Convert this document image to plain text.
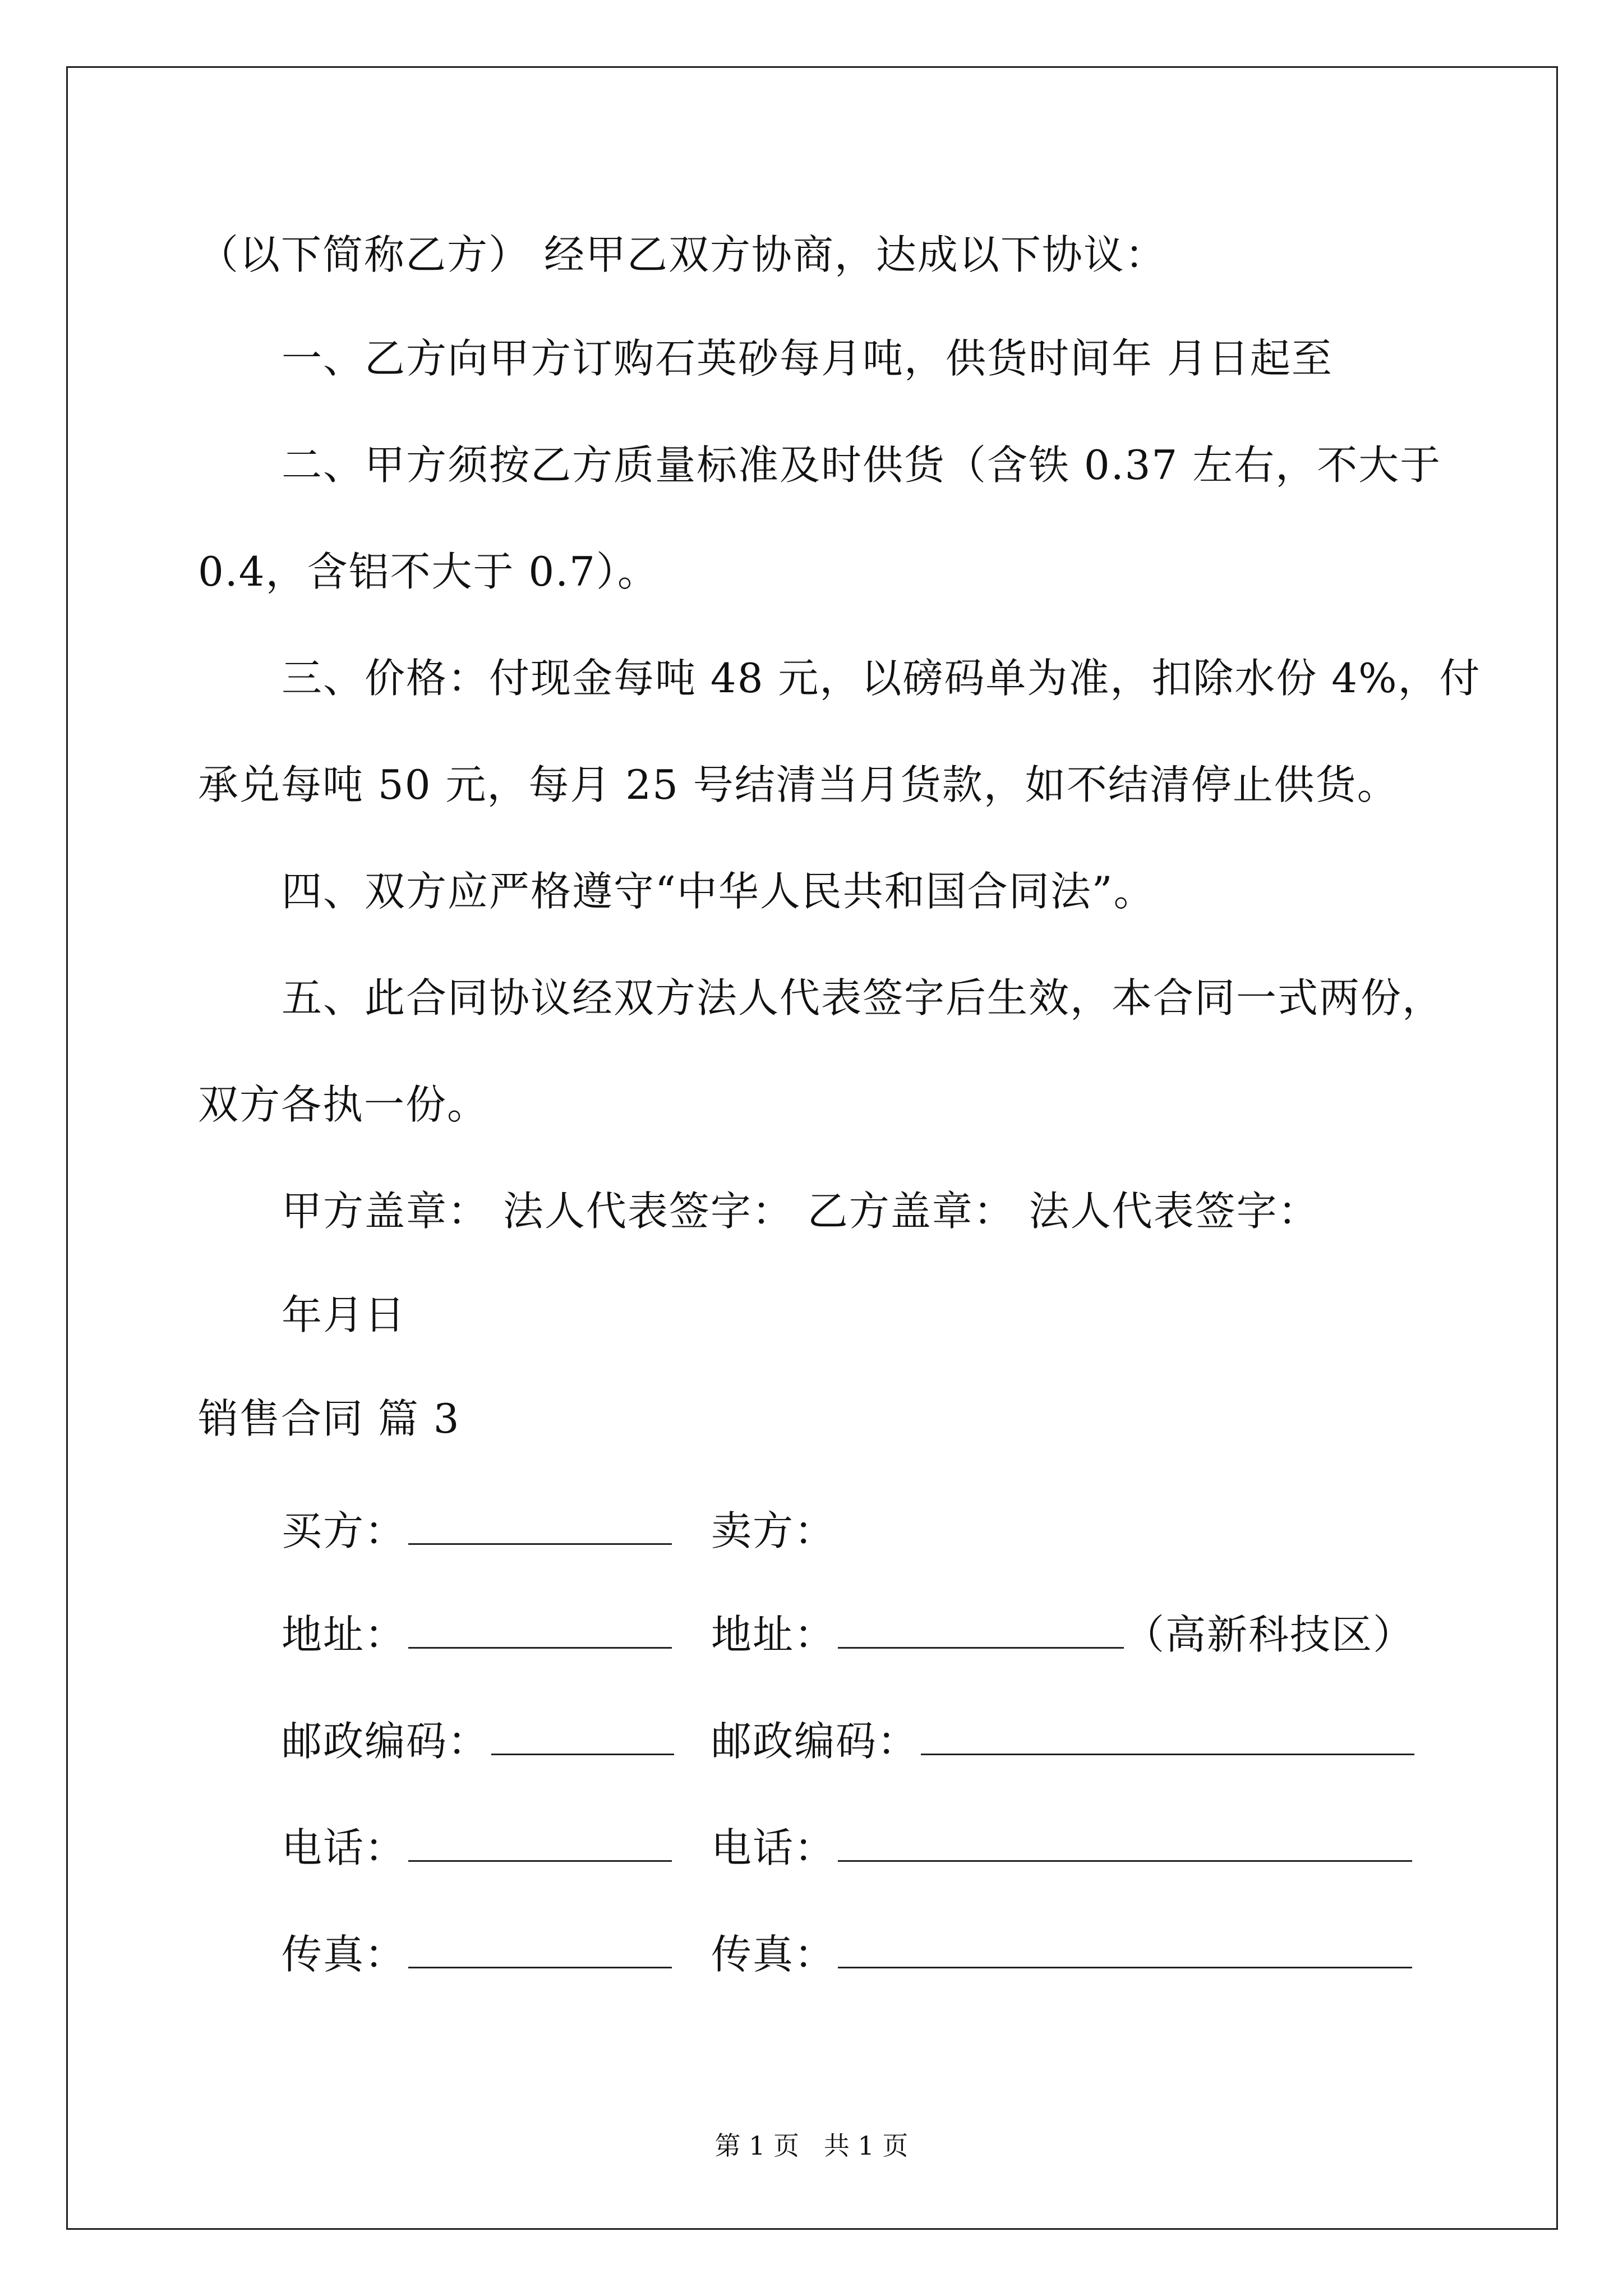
（以下简称乙方） 经甲乙双方协商，达成以下协议：
一、乙方向甲方订购石英砂每月吨，供货时间年 月日起至
二、甲方须按乙方质量标准及时供货（含铁 0.37 左右，不大于
0.4，含铝不大于 0.7）。
三、价格：付现金每吨 48 元，以磅码单为准，扣除水份 4%，付
承兑每吨 50 元，每月 25 号结清当月货款，如不结清停止供货。
四、双方应严格遵守“中华人民共和国合同法”。
五、此合同协议经双方法人代表签字后生效，本合同一式两份，
双方各执一份。
甲方盖章： 法人代表签字： 乙方盖章： 法人代表签字：
年月日
销售合同 篇 3
买方：	卖方：
地址：	地址：	（高新科技区）
邮政编码：	邮政编码：
电话：	电话：
传真：	传真：
第 1 页   共 1 页
